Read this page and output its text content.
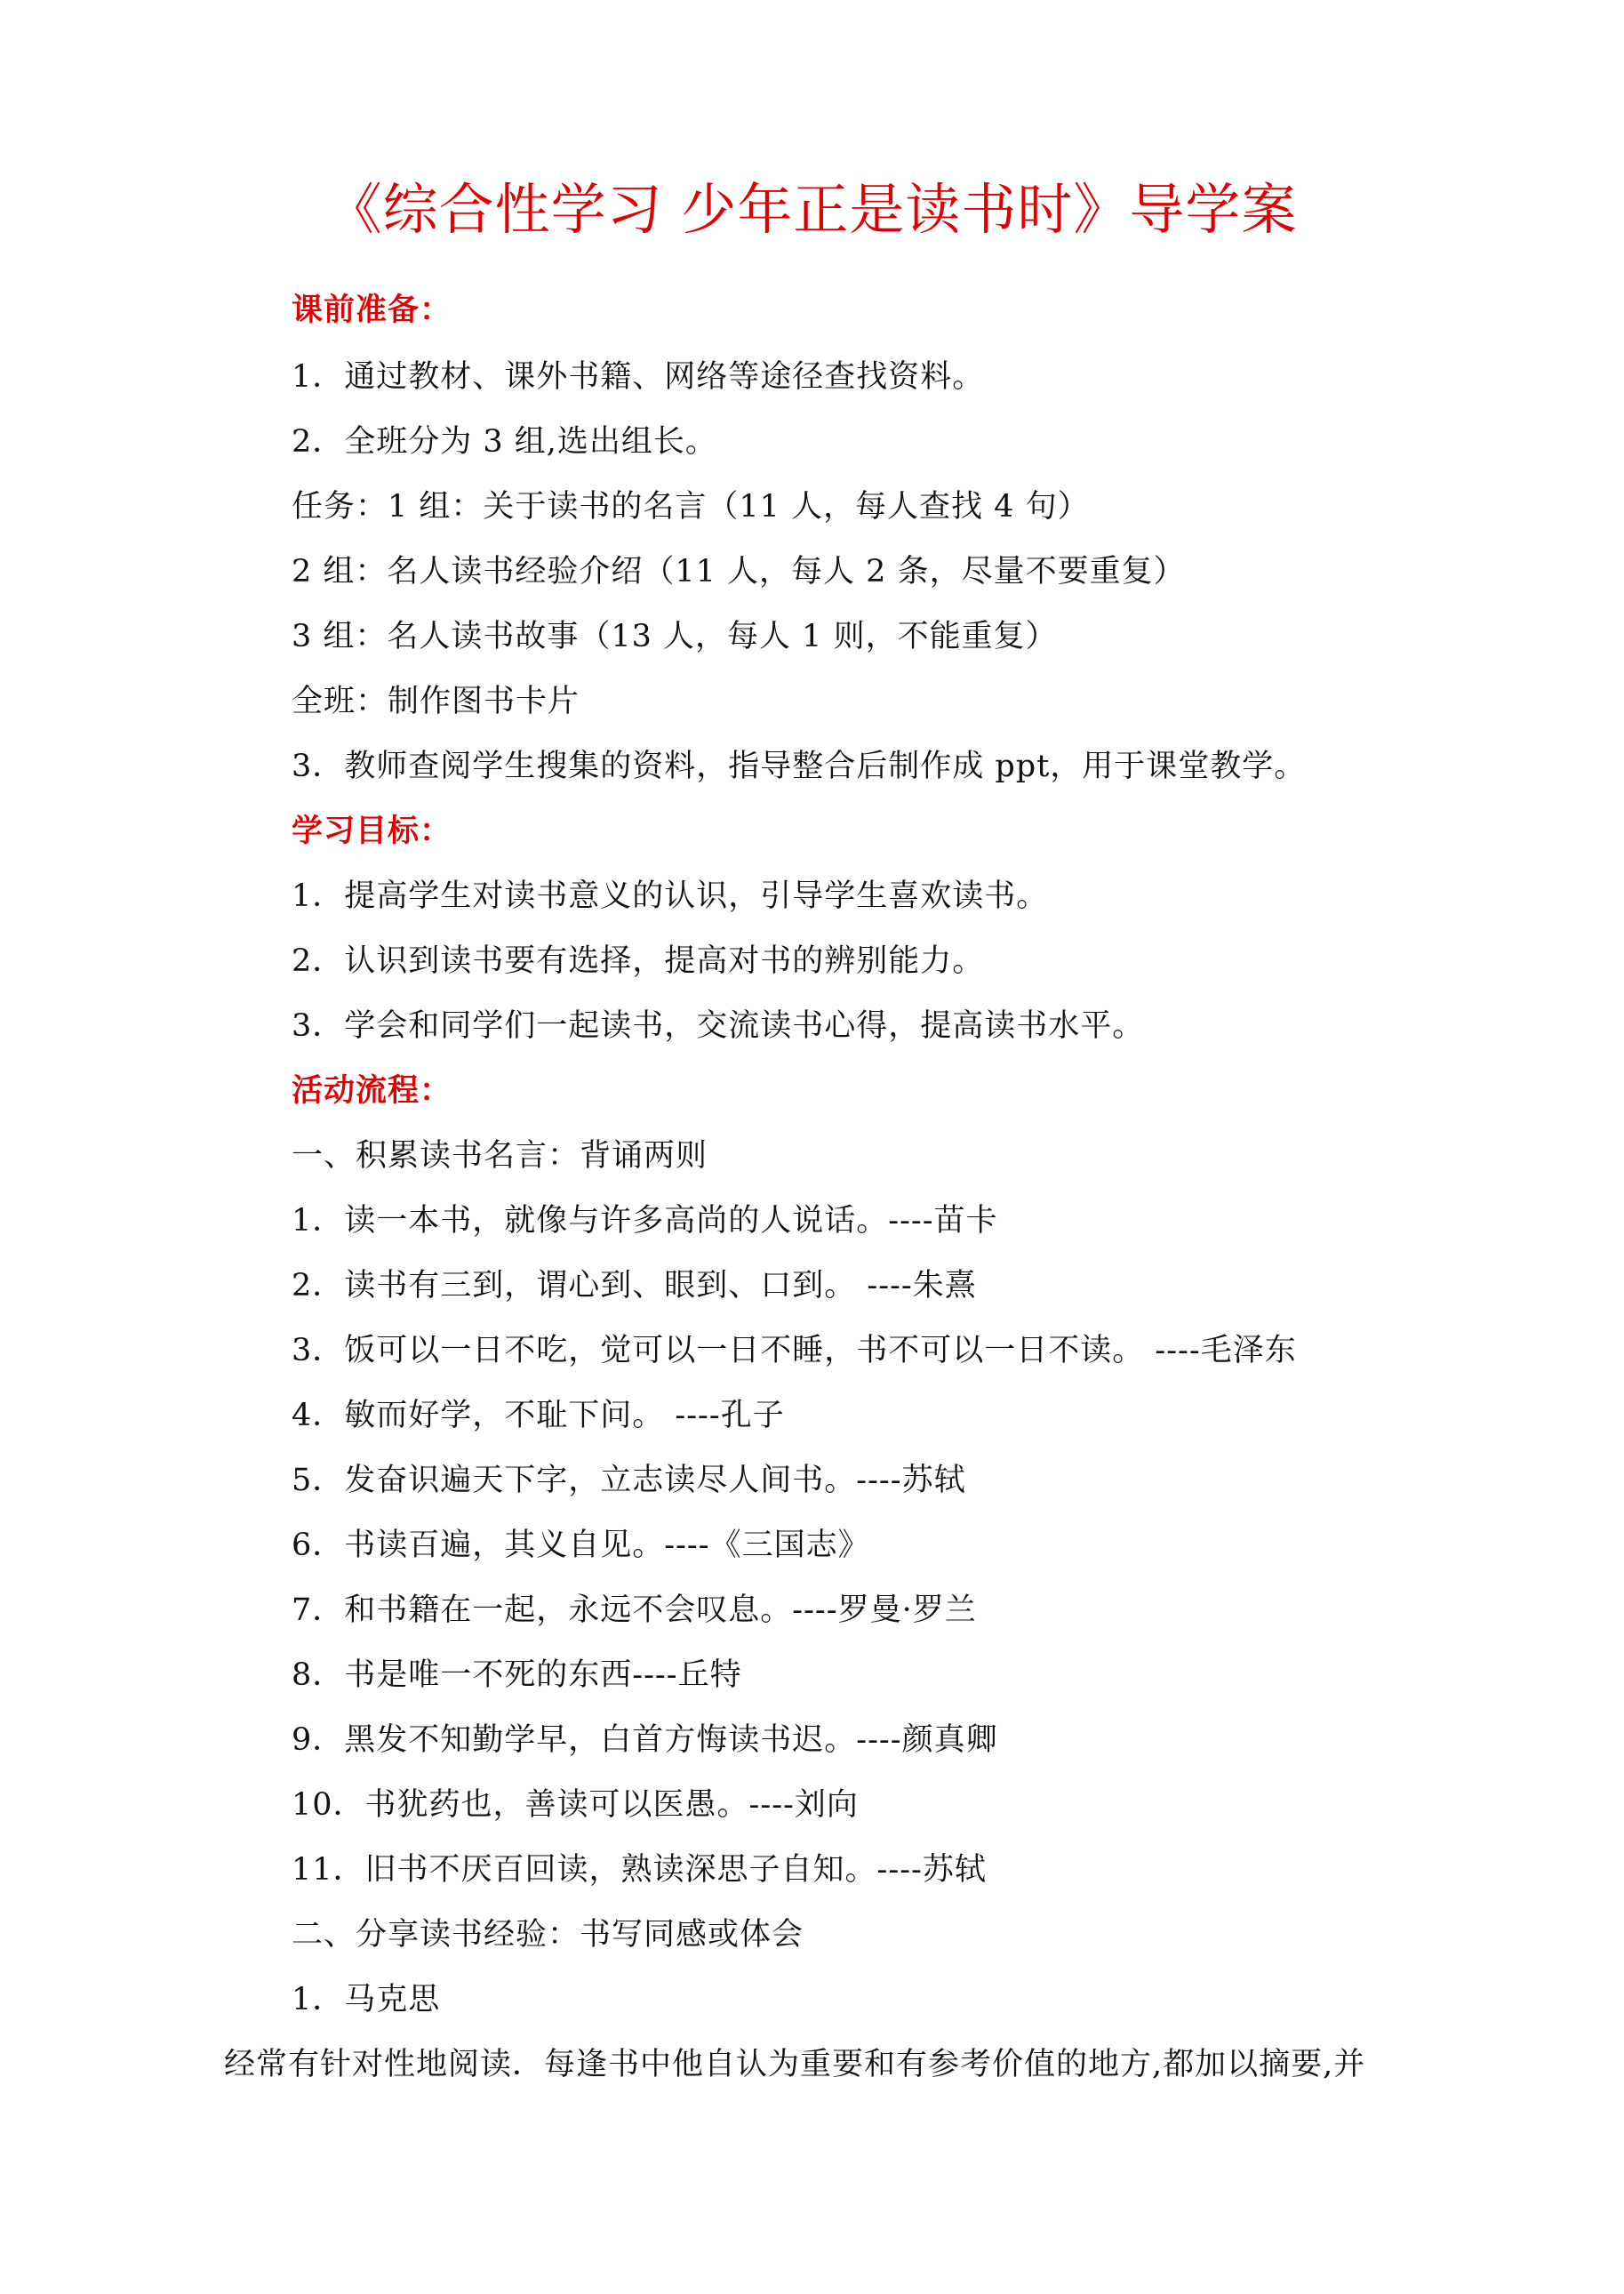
《综合性学习 少年正是读书时》导学案
课前准备：
1．通过教材、课外书籍、网络等途径查找资料。
2．全班分为 3 组,选出组长。
任务：1 组：关于读书的名言（11 人，每人查找 4 句）
2 组：名人读书经验介绍（11 人，每人 2 条，尽量不要重复）
3 组：名人读书故事（13 人，每人 1 则，不能重复）
全班：制作图书卡片
3．教师查阅学生搜集的资料，指导整合后制作成 ppt，用于课堂教学。
学习目标：
1．提高学生对读书意义的认识，引导学生喜欢读书。
2．认识到读书要有选择，提高对书的辨别能力。
3．学会和同学们一起读书，交流读书心得，提高读书水平。
活动流程：
一、积累读书名言：背诵两则
1．读一本书，就像与许多高尚的人说话。----苗卡
2．读书有三到，谓心到、眼到、口到。 ----朱熹
3．饭可以一日不吃，觉可以一日不睡，书不可以一日不读。 ----毛泽东
4．敏而好学，不耻下问。 ----孔子
5．发奋识遍天下字，立志读尽人间书。----苏轼
6．书读百遍，其义自见。----《三国志》
7．和书籍在一起，永远不会叹息。----罗曼·罗兰
8．书是唯一不死的东西----丘特
9．黑发不知勤学早，白首方悔读书迟。----颜真卿
10．书犹药也，善读可以医愚。----刘向
11．旧书不厌百回读，熟读深思子自知。----苏轼
二、分享读书经验：书写同感或体会
1．马克思
经常有针对性地阅读．每逢书中他自认为重要和有参考价值的地方,都加以摘要,并
